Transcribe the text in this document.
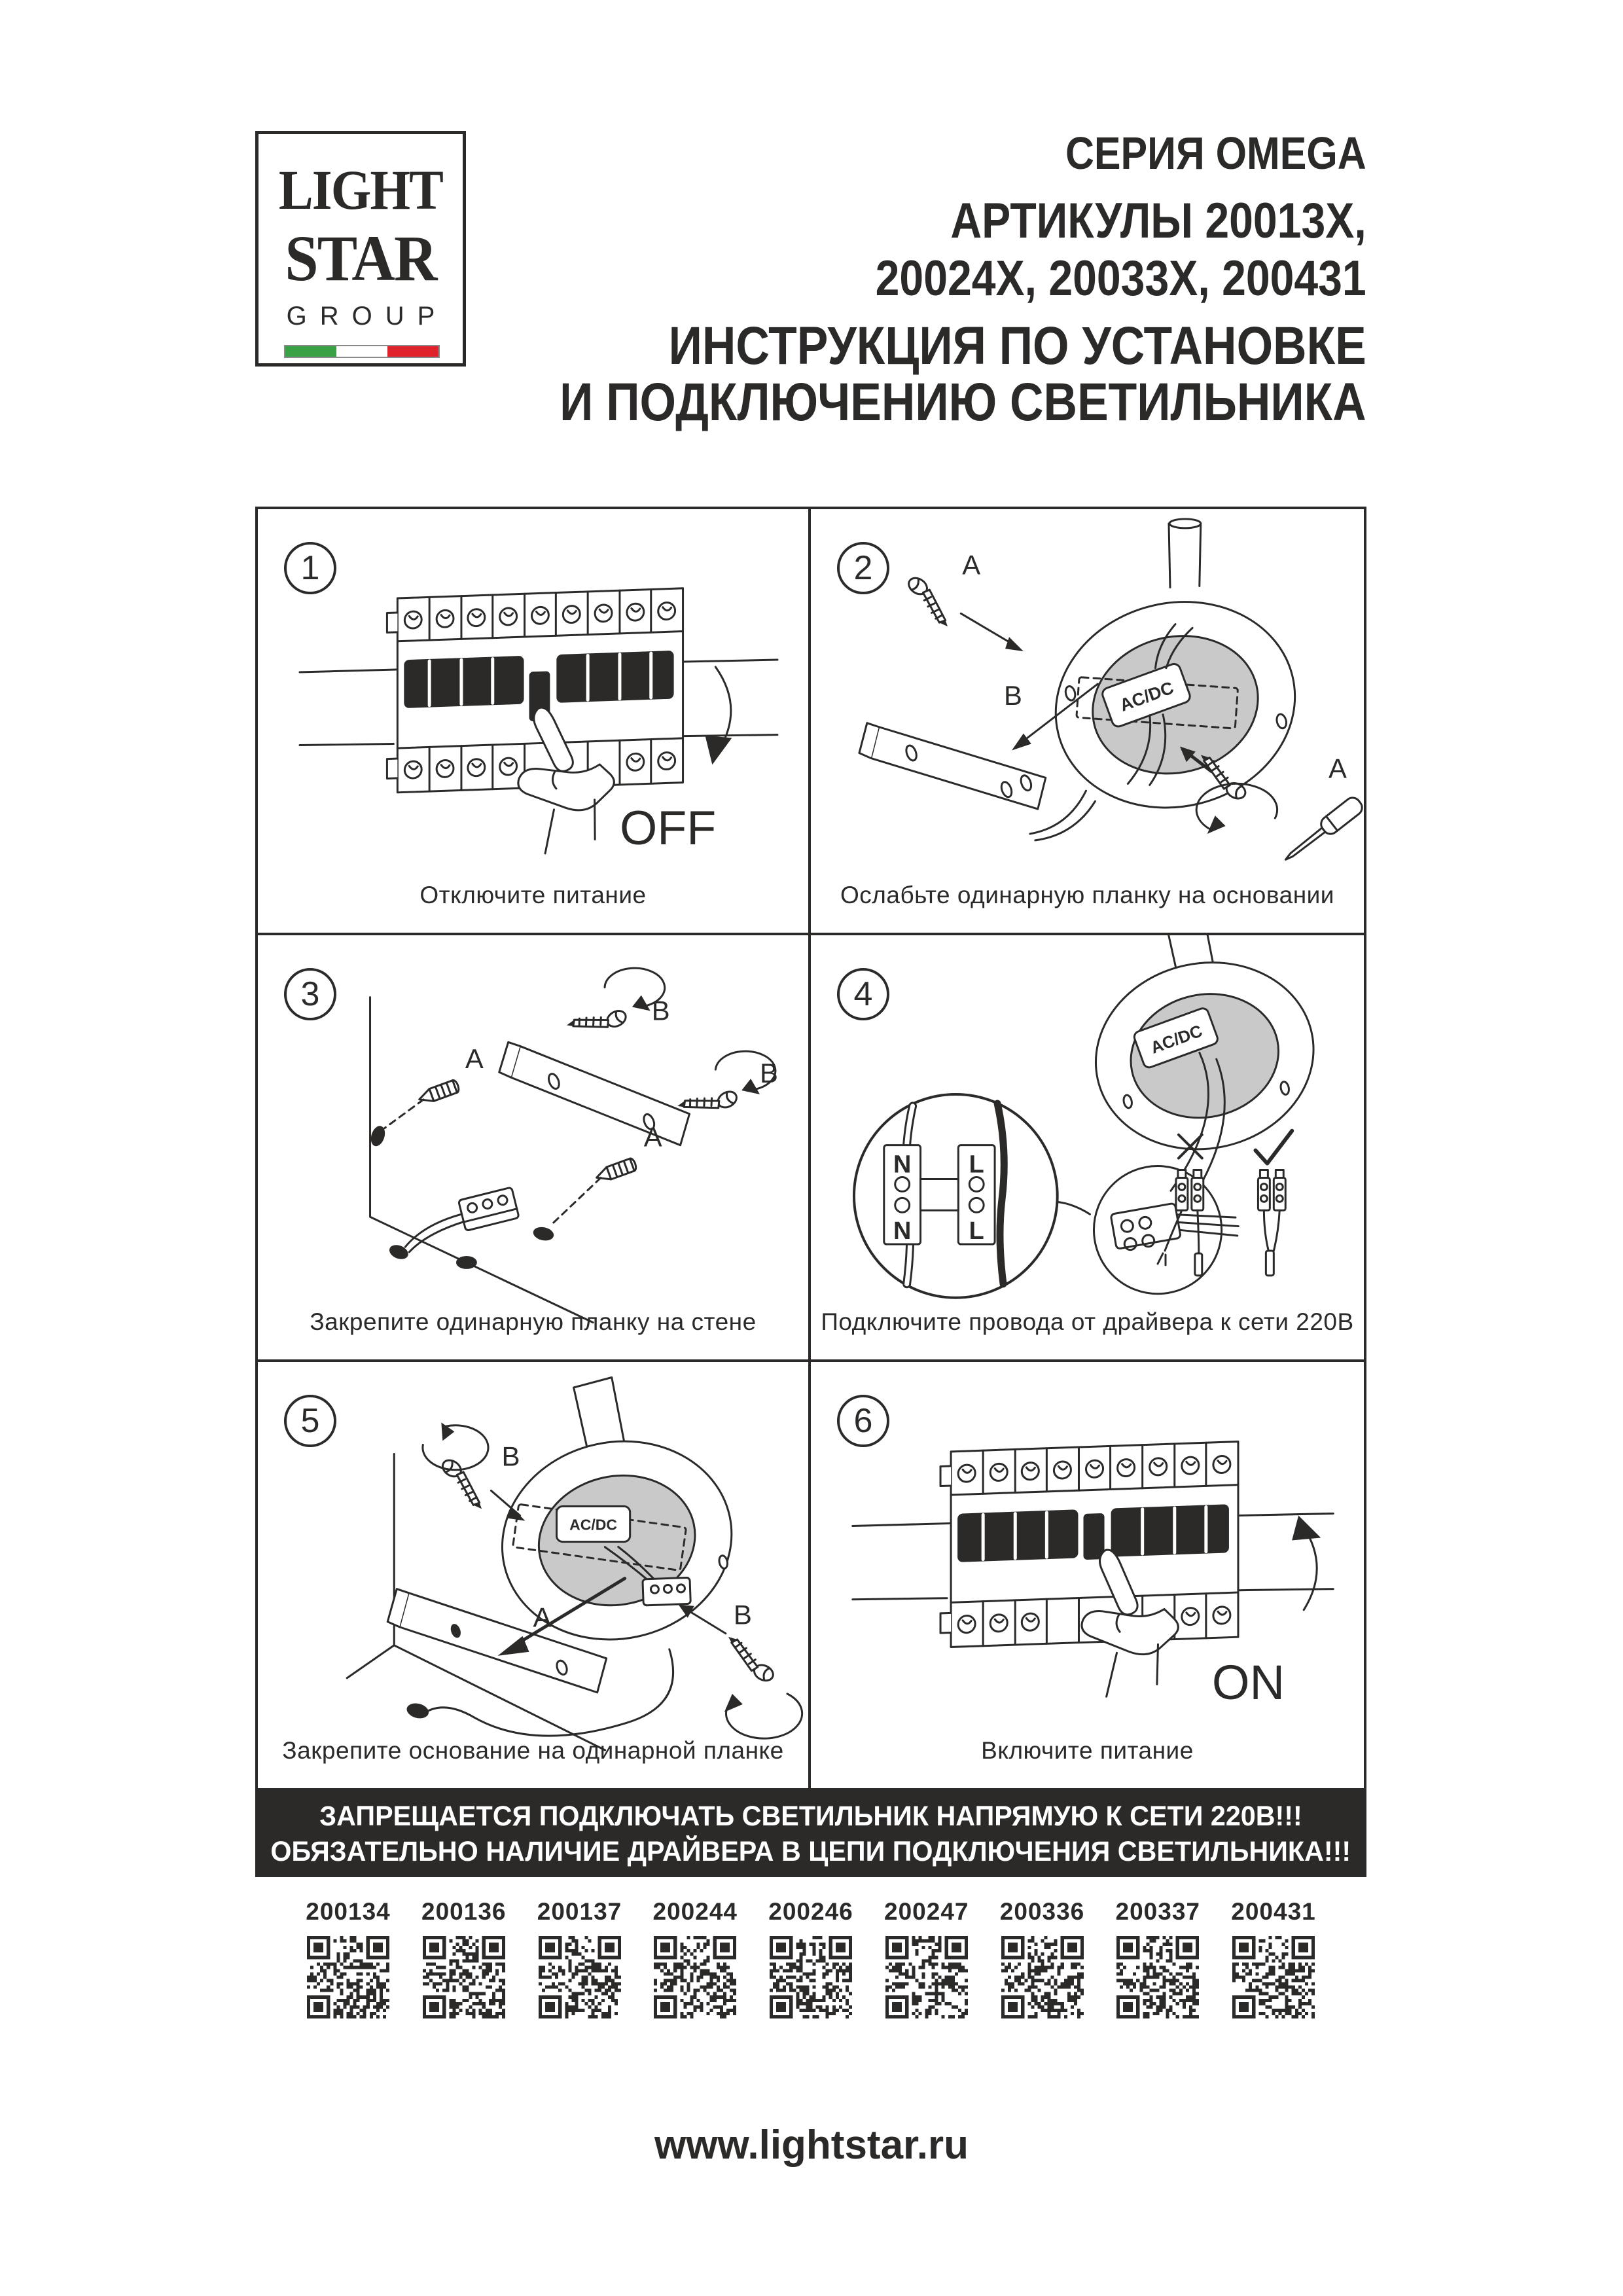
LIGHT
STAR
GROUP
СЕРИЯ OMEGA
АРТИКУЛЫ 20013Х,
20024Х, 20033Х, 200431
ИНСТРУКЦИЯ ПО УСТАНОВКЕ
И ПОДКЛЮЧЕНИЮ СВЕТИЛЬНИКА
1
OFF
Отключите питание
2
AC/DC
A
B
A
Ослабьте одинарную планку на основании
3	B
B
A
A
Закрепите одинарную планку на стене
4
AC/DC
N
N
L
L
Подключите провода от драйвера к сети 220В
5
AC/DC
A
B
B
Закрепите основание на одинарной планке
6
ON
Включите питание
ЗАПРЕЩАЕТСЯ ПОДКЛЮЧАТЬ СВЕТИЛЬНИК НАПРЯМУЮ К СЕТИ 220В!!!
ОБЯЗАТЕЛЬНО НАЛИЧИЕ ДРАЙВЕРА В ЦЕПИ ПОДКЛЮЧЕНИЯ СВЕТИЛЬНИКА!!!
200134	200136	200137	200244	200246	200247	200336	200337	200431
www.lightstar.ru
